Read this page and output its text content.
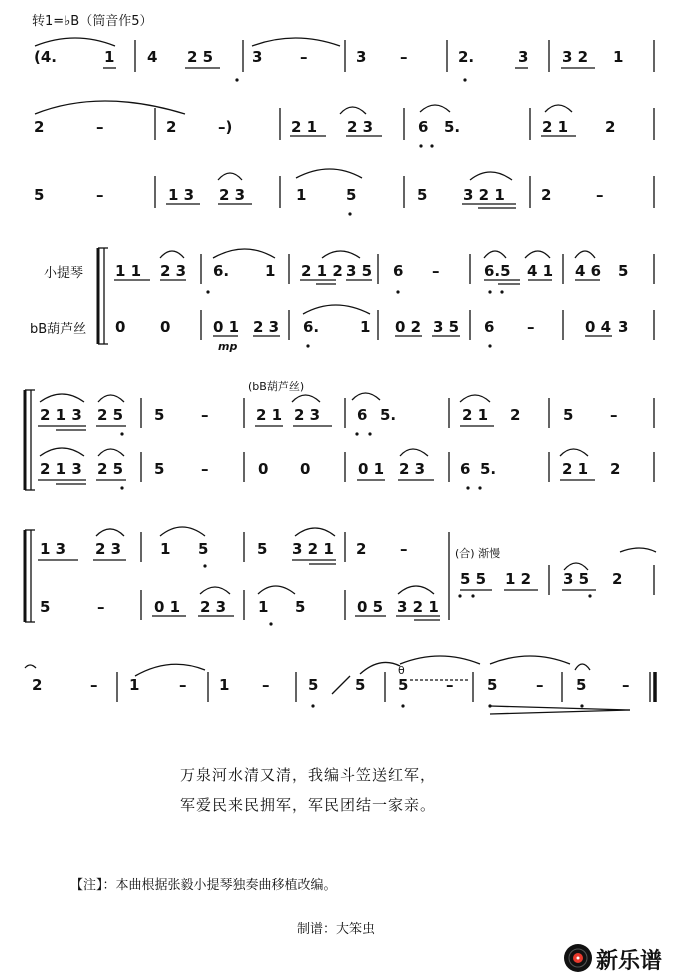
转1=♭B（筒音作5）
(4.	1 4 2 5	3	–	3 –	2.	3 3 2 1
2	–	2	–)	2 1 2 3	6 5.	2 1 2
5	–	1 3 2 3	1	5	5 3 2 1 2	–
1 1 2 3 6. 1 2 1 2 3 5 6 –	6.5 4 1 4 6 5
0 0	0 1 2 3 6.	1 0 2 3 5 6 –	0 4 3
2 1 3 2 5 5 –	2 1 2 3 6 5.	2 1 2	5 –
2 1 3 2 5 5 –	0 0	0 1 2 3 6 5.	2 1 2
1 3 2 3	1 5	5 3 2 1 2 –
5	–	0 1 2 3 1 5	0 5 3 2 1
5 5 1 2 3 5 2
2	– 1	– 1 –	5 5 5	– 5	– 5 –
θ
小提琴
bB葫芦丝
mp
(bB葫芦丝)
(合) 渐慢
万泉河水清又清，我编斗笠送红军，
军爱民来民拥军，军民团结一家亲。
【注】：本曲根据张毅小提琴独奏曲移植改编。
制谱：大笨虫
新乐谱
